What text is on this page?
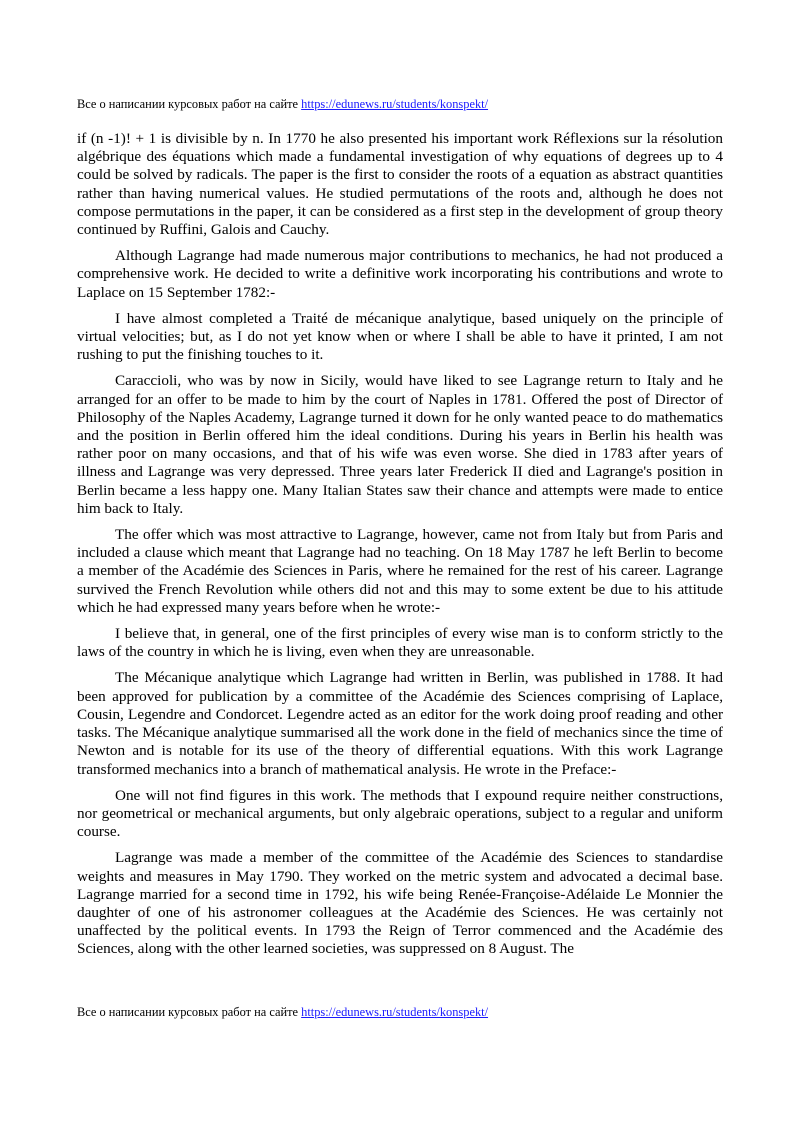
Все о написании курсовых работ на сайте https://edunews.ru/students/konspekt/

if (n -1)! + 1 is divisible by n. In 1770 he also presented his important work Réflexions sur la résolution algébrique des équations which made a fundamental investigation of why equations of degrees up to 4 could be solved by radicals. The paper is the first to consider the roots of a equation as abstract quantities rather than having numerical values. He studied permutations of the roots and, although he does not compose permutations in the paper, it can be considered as a first step in the development of group theory continued by Ruffini, Galois and Cauchy.

Although Lagrange had made numerous major contributions to mechanics, he had not produced a comprehensive work. He decided to write a definitive work incorporating his contributions and wrote to Laplace on 15 September 1782:-

I have almost completed a Traité de mécanique analytique, based uniquely on the principle of virtual velocities; but, as I do not yet know when or where I shall be able to have it printed, I am not rushing to put the finishing touches to it.

Caraccioli, who was by now in Sicily, would have liked to see Lagrange return to Italy and he arranged for an offer to be made to him by the court of Naples in 1781. Offered the post of Director of Philosophy of the Naples Academy, Lagrange turned it down for he only wanted peace to do mathematics and the position in Berlin offered him the ideal conditions. During his years in Berlin his health was rather poor on many occasions, and that of his wife was even worse. She died in 1783 after years of illness and Lagrange was very depressed. Three years later Frederick II died and Lagrange's position in Berlin became a less happy one. Many Italian States saw their chance and attempts were made to entice him back to Italy.

The offer which was most attractive to Lagrange, however, came not from Italy but from Paris and included a clause which meant that Lagrange had no teaching. On 18 May 1787 he left Berlin to become a member of the Académie des Sciences in Paris, where he remained for the rest of his career. Lagrange survived the French Revolution while others did not and this may to some extent be due to his attitude which he had expressed many years before when he wrote:-

I believe that, in general, one of the first principles of every wise man is to conform strictly to the laws of the country in which he is living, even when they are unreasonable.

The Mécanique analytique which Lagrange had written in Berlin, was published in 1788. It had been approved for publication by a committee of the Académie des Sciences comprising of Laplace, Cousin, Legendre and Condorcet. Legendre acted as an editor for the work doing proof reading and other tasks. The Mécanique analytique summarised all the work done in the field of mechanics since the time of Newton and is notable for its use of the theory of differential equations. With this work Lagrange transformed mechanics into a branch of mathematical analysis. He wrote in the Preface:-

One will not find figures in this work. The methods that I expound require neither constructions, nor geometrical or mechanical arguments, but only algebraic operations, subject to a regular and uniform course.

Lagrange was made a member of the committee of the Académie des Sciences to standardise weights and measures in May 1790. They worked on the metric system and advocated a decimal base. Lagrange married for a second time in 1792, his wife being Renée-Françoise-Adélaide Le Monnier the daughter of one of his astronomer colleagues at the Académie des Sciences. He was certainly not unaffected by the political events. In 1793 the Reign of Terror commenced and the Académie des Sciences, along with the other learned societies, was suppressed on 8 August. The

Все о написании курсовых работ на сайте https://edunews.ru/students/konspekt/
